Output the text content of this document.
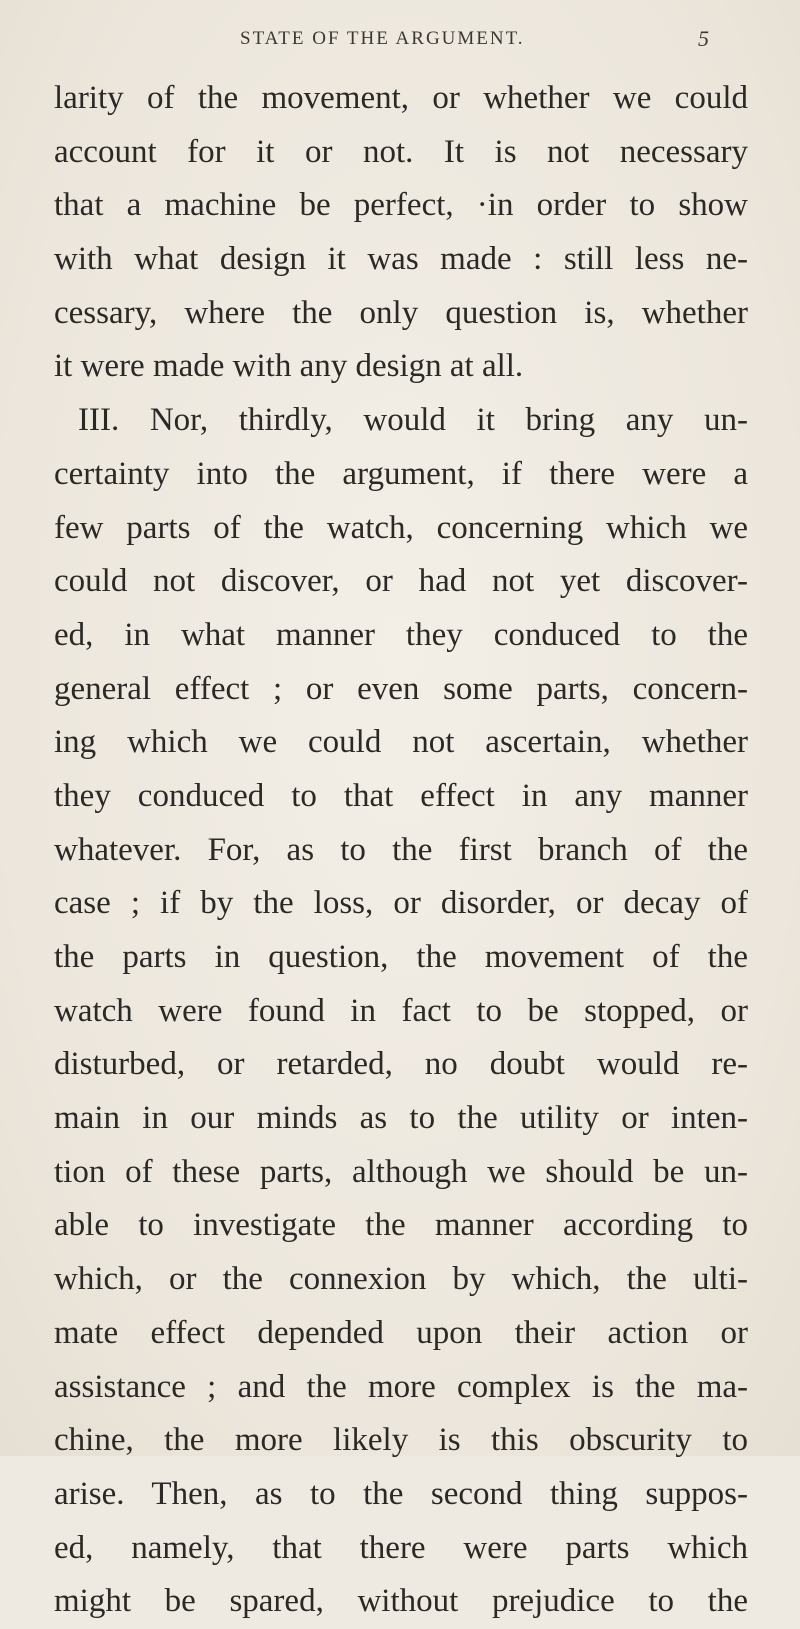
STATE OF THE ARGUMENT.	5
larity of the movement, or whether we could
account for it or not. It is not necessary
that a machine be perfect, ·in order to show
with what design it was made : still less ne-
cessary, where the only question is, whether
it were made with any design at all.
III. Nor, thirdly, would it bring any un-
certainty into the argument, if there were a
few parts of the watch, concerning which we
could not discover, or had not yet discover-
ed, in what manner they conduced to the
general effect ; or even some parts, concern-
ing which we could not ascertain, whether
they conduced to that effect in any manner
whatever. For, as to the first branch of the
case ; if by the loss, or disorder, or decay of
the parts in question, the movement of the
watch were found in fact to be stopped, or
disturbed, or retarded, no doubt would re-
main in our minds as to the utility or inten-
tion of these parts, although we should be un-
able to investigate the manner according to
which, or the connexion by which, the ulti-
mate effect depended upon their action or
assistance ; and the more complex is the ma-
chine, the more likely is this obscurity to
arise. Then, as to the second thing suppos-
ed, namely, that there were parts which
might be spared, without prejudice to the
